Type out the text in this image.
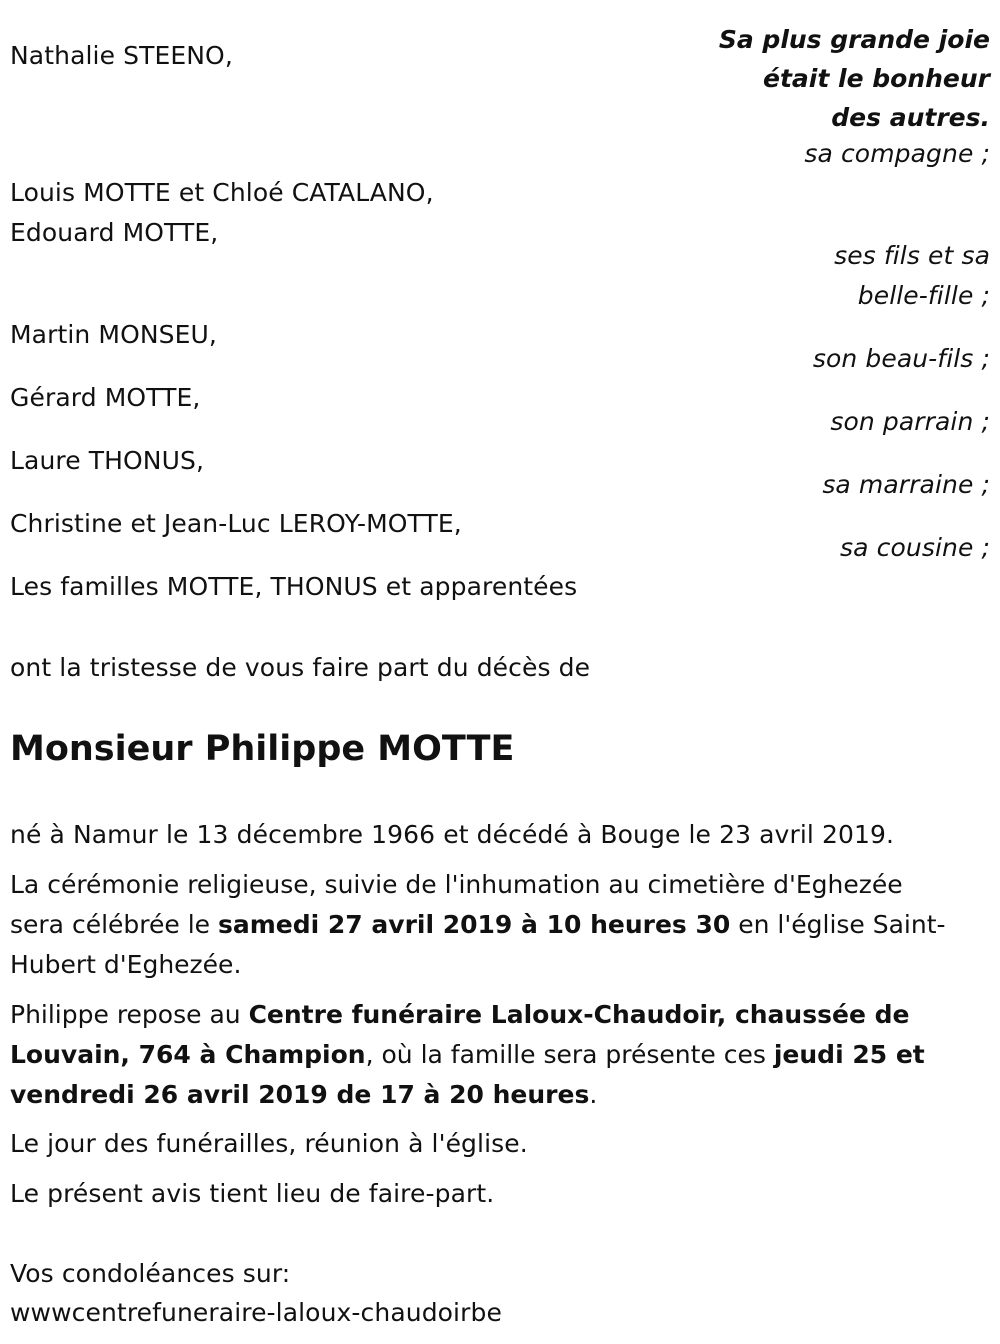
Sa plus grande joie
était le bonheur
des autres.
Nathalie STEENO,
sa compagne ;
Louis MOTTE et Chloé CATALANO,
Edouard MOTTE,
ses fils et sa
belle-fille ;
Martin MONSEU,
son beau-fils ;
Gérard MOTTE,
son parrain ;
Laure THONUS,
sa marraine ;
Christine et Jean-Luc LEROY-MOTTE,
sa cousine ;
Les familles MOTTE, THONUS et apparentées
ont la tristesse de vous faire part du décès de
Monsieur Philippe MOTTE
né à Namur le 13 décembre 1966 et décédé à Bouge le 23 avril 2019.
La cérémonie religieuse, suivie de l'inhumation au cimetière d'Eghezée sera célébrée le samedi 27 avril 2019 à 10 heures 30 en l'église Saint-Hubert d'Eghezée.
Philippe repose au Centre funéraire Laloux-Chaudoir, chaussée de Louvain, 764 à Champion, où la famille sera présente ces jeudi 25 et vendredi 26 avril 2019 de 17 à 20 heures.
Le jour des funérailles, réunion à l'église.
Le présent avis tient lieu de faire-part.
Vos condoléances sur:
wwwcentrefuneraire-laloux-chaudoirbe
